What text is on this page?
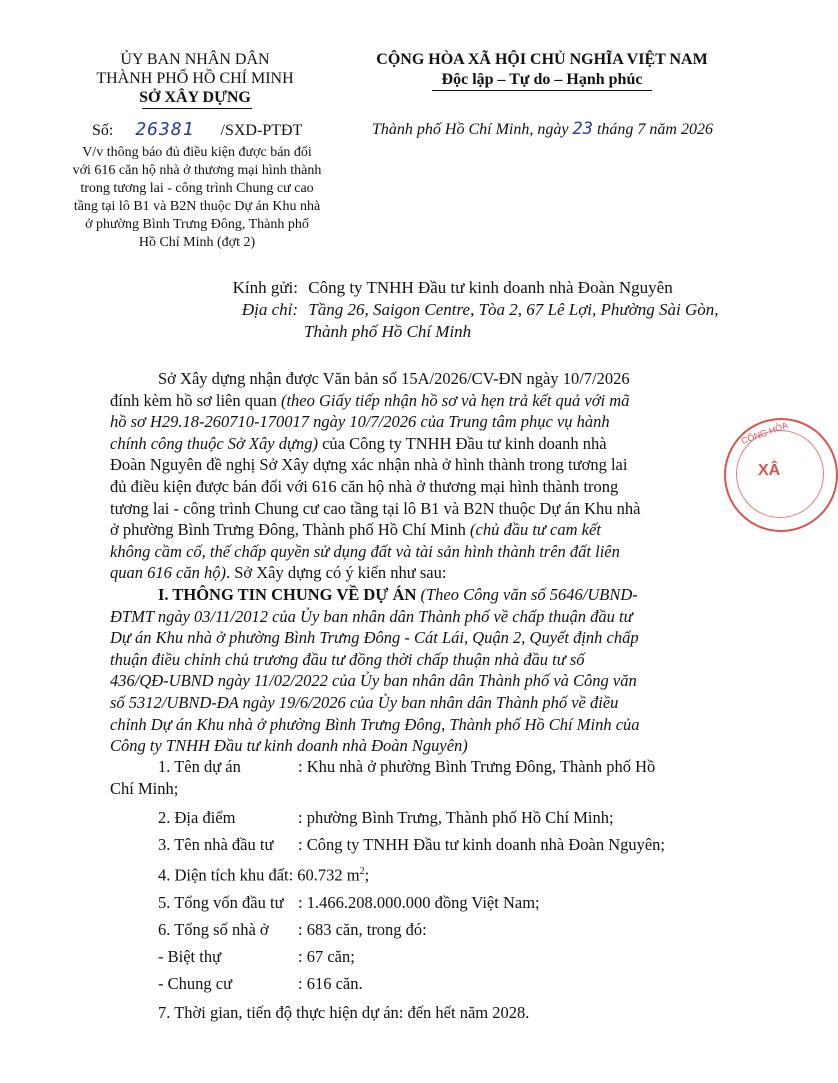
ỦY BAN NHÂN DÂN
THÀNH PHỐ HỒ CHÍ MINH
SỞ XÂY DỰNG
Số: 26381 /SXD-PTĐT
V/v thông báo đủ điều kiện được bán đối
với 616 căn hộ nhà ở thương mại hình thành
trong tương lai - công trình Chung cư cao
tầng tại lô B1 và B2N thuộc Dự án Khu nhà
ở phường Bình Trưng Đông, Thành phố
Hồ Chí Minh (đợt 2)
CỘNG HÒA XÃ HỘI CHỦ NGHĨA VIỆT NAM
Độc lập – Tự do – Hạnh phúc
Thành phố Hồ Chí Minh, ngày 23 tháng 7 năm 2026
Kính gửi: Công ty TNHH Đầu tư kinh doanh nhà Đoàn Nguyên
Địa chỉ: Tầng 26, Saigon Centre, Tòa 2, 67 Lê Lợi, Phường Sài Gòn,
Thành phố Hồ Chí Minh
Sở Xây dựng nhận được Văn bản số 15A/2026/CV-ĐN ngày 10/7/2026
đính kèm hồ sơ liên quan (theo Giấy tiếp nhận hồ sơ và hẹn trả kết quả với mã
hồ sơ H29.18-260710-170017 ngày 10/7/2026 của Trung tâm phục vụ hành
chính công thuộc Sở Xây dựng) của Công ty TNHH Đầu tư kinh doanh nhà
Đoàn Nguyên đề nghị Sở Xây dựng xác nhận nhà ở hình thành trong tương lai
đủ điều kiện được bán đối với 616 căn hộ nhà ở thương mại hình thành trong
tương lai - công trình Chung cư cao tầng tại lô B1 và B2N thuộc Dự án Khu nhà
ở phường Bình Trưng Đông, Thành phố Hồ Chí Minh (chủ đầu tư cam kết
không cầm cố, thế chấp quyền sử dụng đất và tài sản hình thành trên đất liên
quan 616 căn hộ). Sở Xây dựng có ý kiến như sau:
I. THÔNG TIN CHUNG VỀ DỰ ÁN (Theo Công văn số 5646/UBND-
ĐTMT ngày 03/11/2012 của Ủy ban nhân dân Thành phố về chấp thuận đầu tư
Dự án Khu nhà ở phường Bình Trưng Đông - Cát Lái, Quận 2, Quyết định chấp
thuận điều chỉnh chủ trương đầu tư đồng thời chấp thuận nhà đầu tư số
436/QĐ-UBND ngày 11/02/2022 của Ủy ban nhân dân Thành phố và Công văn
số 5312/UBND-ĐA ngày 19/6/2026 của Ủy ban nhân dân Thành phố về điều
chỉnh Dự án Khu nhà ở phường Bình Trưng Đông, Thành phố Hồ Chí Minh của
Công ty TNHH Đầu tư kinh doanh nhà Đoàn Nguyên)
1. Tên dự án	: Khu nhà ở phường Bình Trưng Đông, Thành phố Hồ
Chí Minh;
2. Địa điểm	: phường Bình Trưng, Thành phố Hồ Chí Minh;
3. Tên nhà đầu tư : Công ty TNHH Đầu tư kinh doanh nhà Đoàn Nguyên;
4. Diện tích khu đất: 60.732 $m^2$;
5. Tổng vốn đầu tư : 1.466.208.000.000 đồng Việt Nam;
6. Tổng số nhà ở : 683 căn, trong đó:
- Biệt thự	: 67 căn;
- Chung cư	: 616 căn.
7. Thời gian, tiến độ thực hiện dự án: đến hết năm 2028.
CÔNG HÒA
XÂ
